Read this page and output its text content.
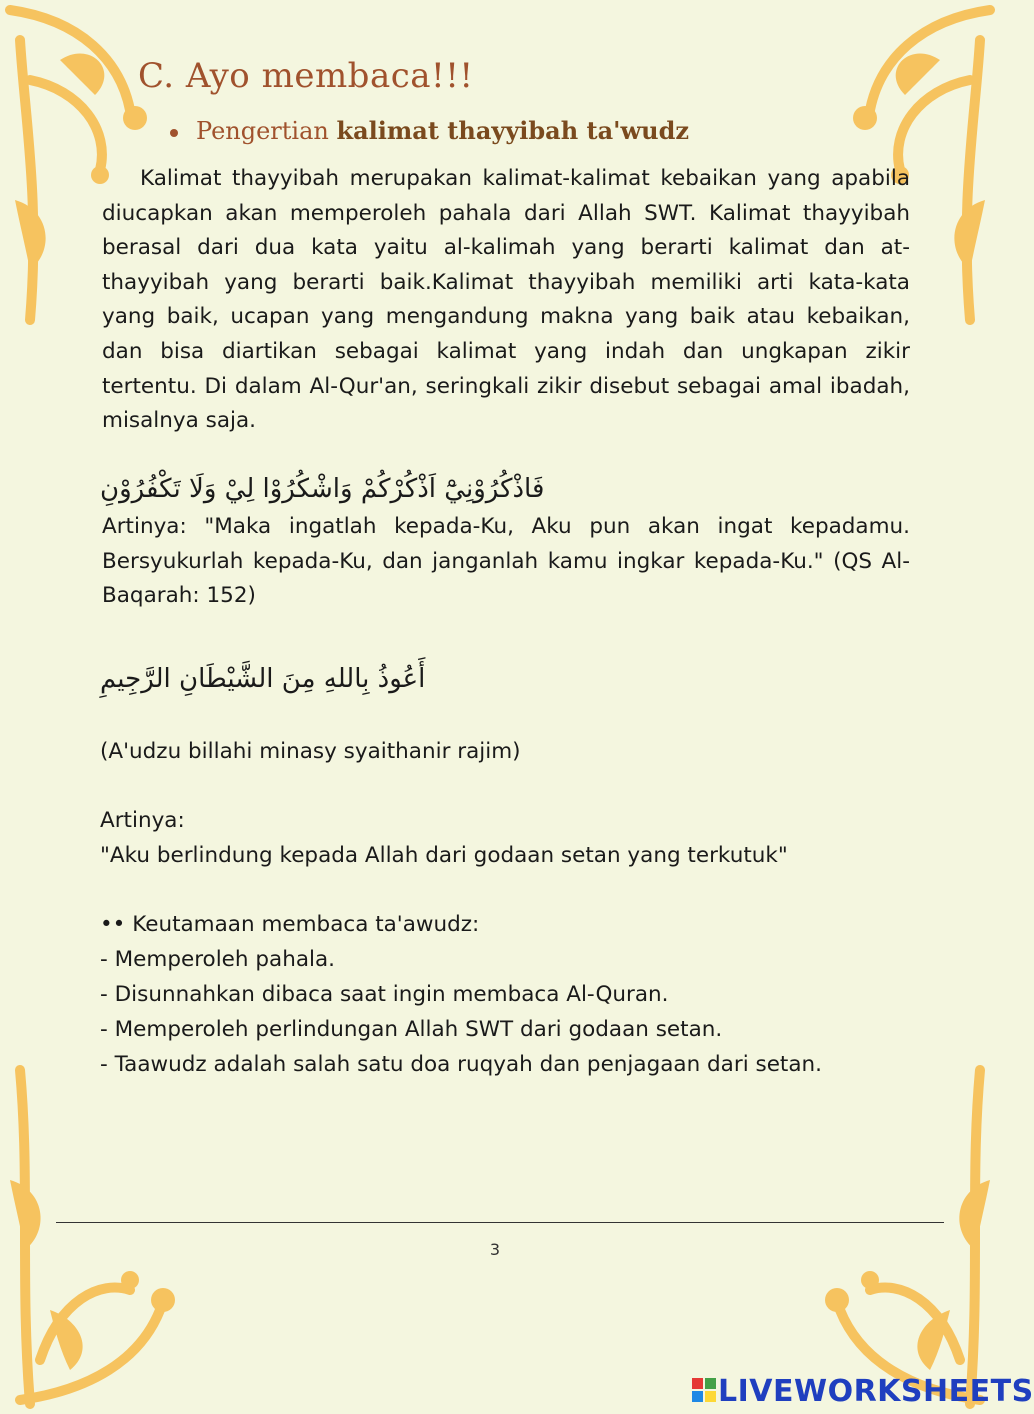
C. Ayo membaca!!!
Pengertian kalimat thayyibah ta'wudz
Kalimat thayyibah merupakan kalimat-kalimat kebaikan yang apabila diucapkan akan memperoleh pahala dari Allah SWT. Kalimat thayyibah berasal dari dua kata yaitu al-kalimah yang berarti kalimat dan at-thayyibah yang berarti baik.Kalimat thayyibah memiliki arti kata-kata yang baik, ucapan yang mengandung makna yang baik atau kebaikan, dan bisa diartikan sebagai kalimat yang indah dan ungkapan zikir tertentu. Di dalam Al-Qur'an, seringkali zikir disebut sebagai amal ibadah, misalnya saja.
فَاذْكُرُوْنِيْٓ اَذْكُرْكُمْ وَاشْكُرُوْا لِيْ وَلَا تَكْفُرُوْنِ
Artinya: "Maka ingatlah kepada-Ku, Aku pun akan ingat kepadamu. Bersyukurlah kepada-Ku, dan janganlah kamu ingkar kepada-Ku." (QS Al-Baqarah: 152)
أَعُوذُ بِاللهِ مِنَ الشَّيْطَانِ الرَّجِيمِ
(A'udzu billahi minasy syaithanir rajim)
Artinya:
"Aku berlindung kepada Allah dari godaan setan yang terkutuk"
•• Keutamaan membaca ta'awudz:
- Memperoleh pahala.
- Disunnahkan dibaca saat ingin membaca Al-Quran.
- Memperoleh perlindungan Allah SWT dari godaan setan.
- Taawudz adalah salah satu doa ruqyah dan penjagaan dari setan.
3
LIVEWORKSHEETS
